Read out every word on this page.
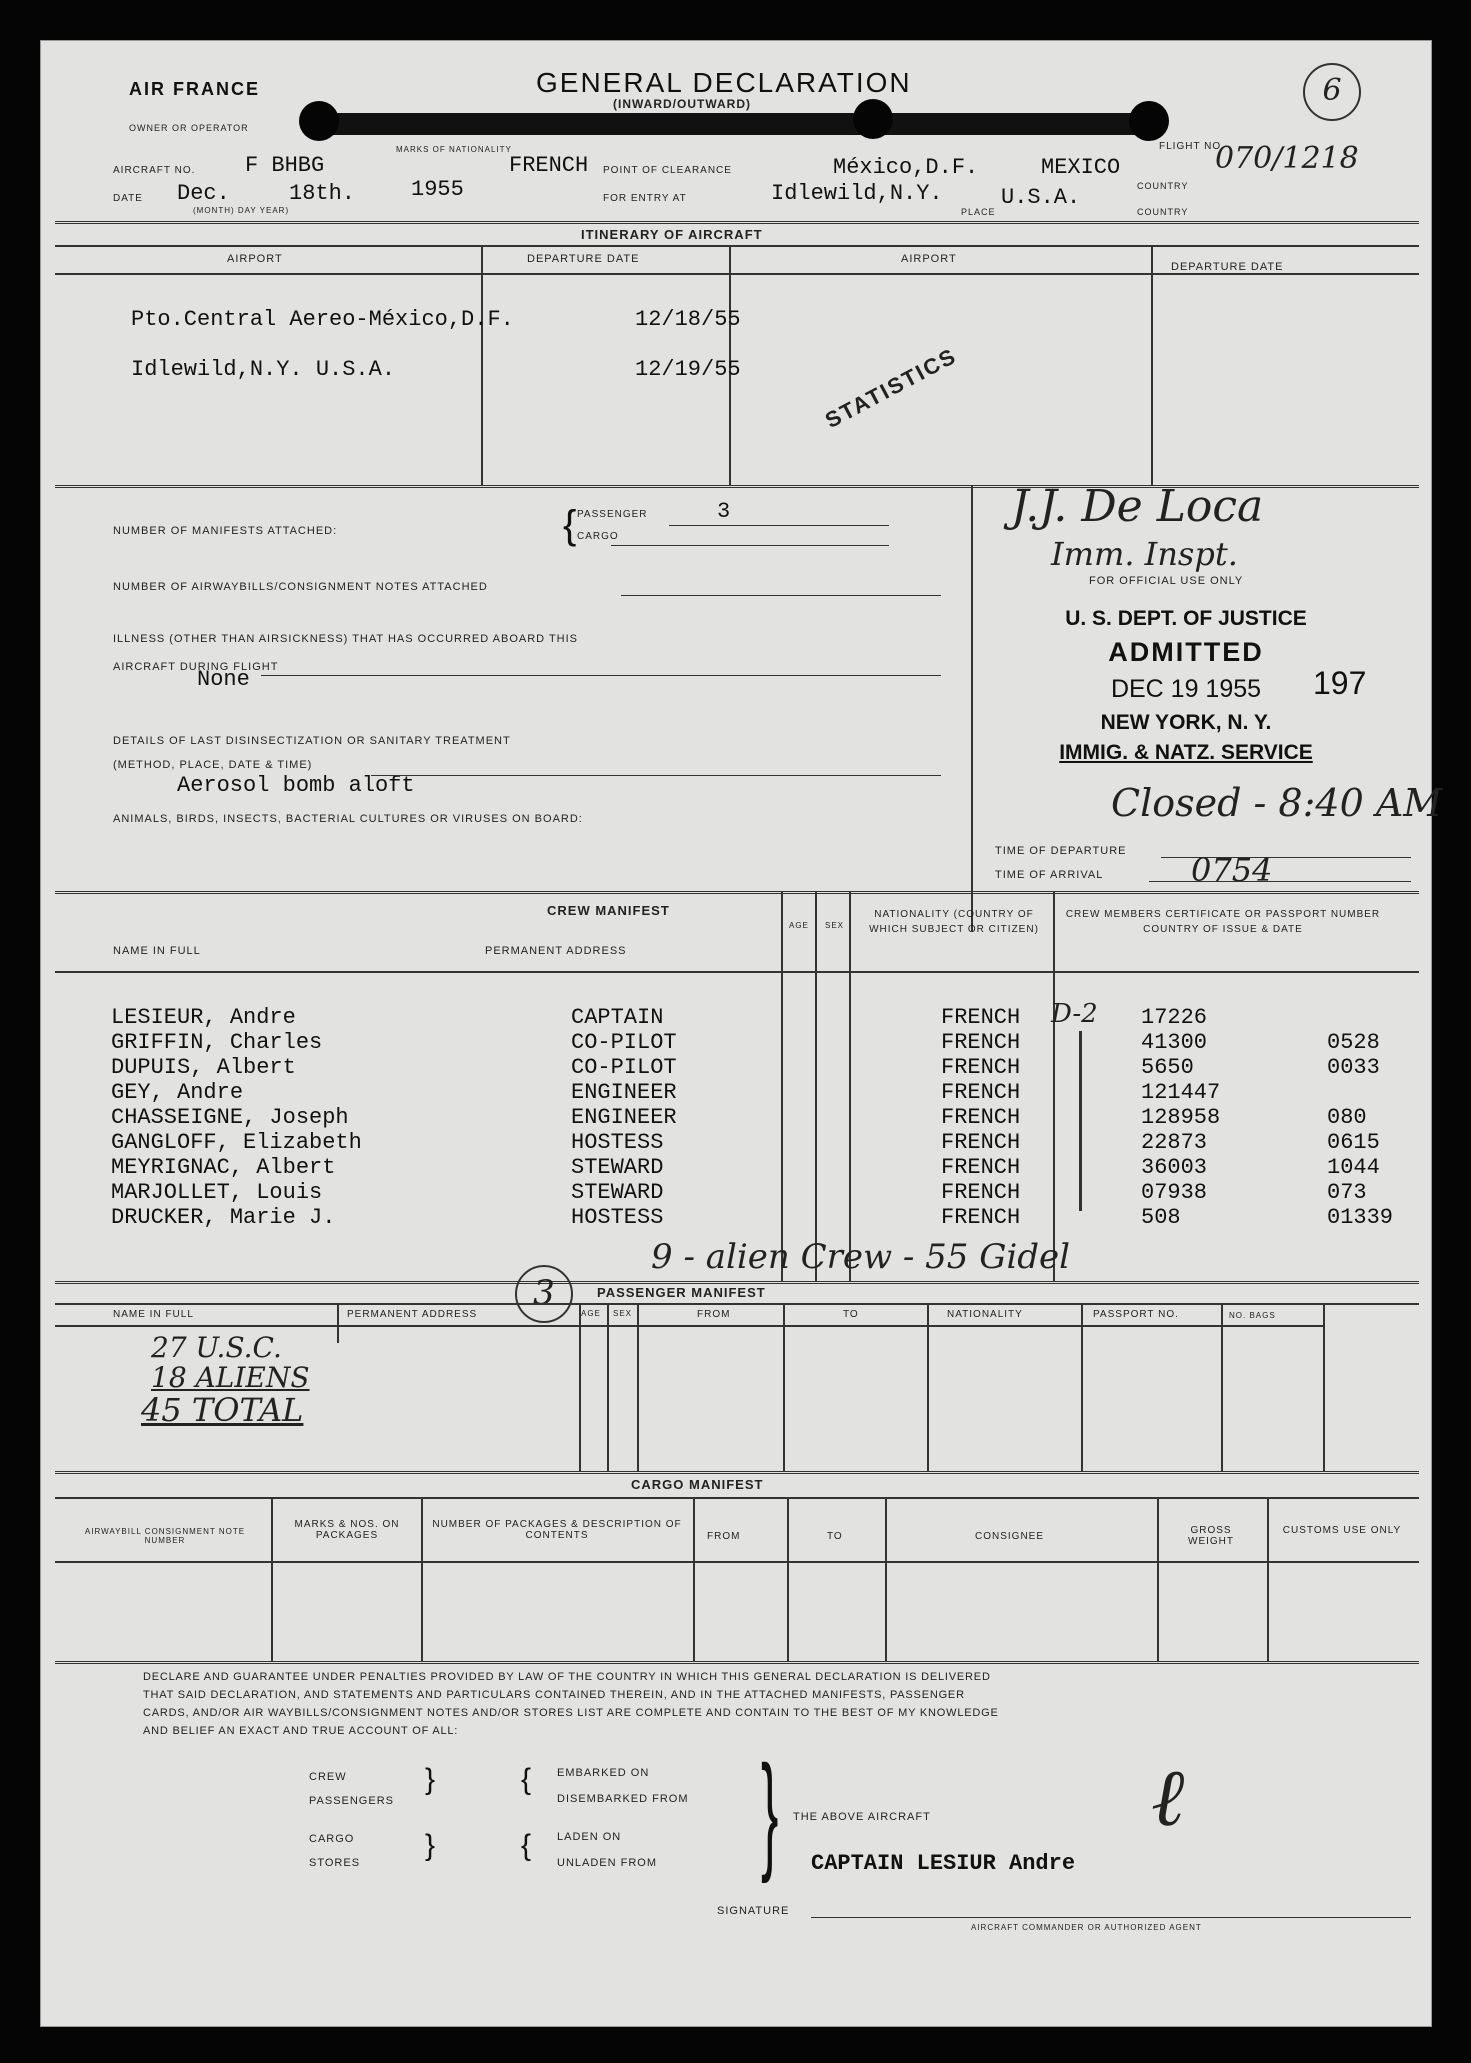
AIR FRANCE
OWNER OR OPERATOR
GENERAL DECLARATION
(INWARD/OUTWARD)	6
FLIGHT NO.
070/1218
AIRCRAFT NO. F BHBG	FRENCH
MARKS OF NATIONALITY
POINT OF CLEARANCE	México,D.F.	MEXICO
COUNTRY
DATE Dec.	18th.	1955
(MONTH) DAY YEAR)
FOR ENTRY AT	Idlewild,N.Y.	U.S.A.
PLACE	COUNTRY
ITINERARY OF AIRCRAFT
AIRPORT	DEPARTURE DATE	AIRPORT
DEPARTURE DATE
Pto.Central Aereo-México,D.F.	12/18/55
Idlewild,N.Y. U.S.A.	12/19/55	STATISTICS
NUMBER OF MANIFESTS ATTACHED:	{ PASSENGER	3
CARGO
NUMBER OF AIRWAYBILLS/CONSIGNMENT NOTES ATTACHED
ILLNESS (OTHER THAN AIRSICKNESS) THAT HAS OCCURRED ABOARD THIS
AIRCRAFT DURING FLIGHT
None
DETAILS OF LAST DISINSECTIZATION OR SANITARY TREATMENT
(METHOD, PLACE, DATE & TIME)
Aerosol bomb aloft
ANIMALS, BIRDS, INSECTS, BACTERIAL CULTURES OR VIRUSES ON BOARD:
J.J. De Loca
Imm. Inspt.
FOR OFFICIAL USE ONLY
U. S. DEPT. OF JUSTICE
ADMITTED
DEC 19 1955	197
NEW YORK, N. Y.
IMMIG. & NATZ. SERVICE
Closed - 8:40 AM
TIME OF DEPARTURE
TIME OF ARRIVAL	0754
CREW MANIFEST
NAME IN FULL	PERMANENT ADDRESS
AGE SEX
NATIONALITY (COUNTRY OF WHICH SUBJECT OR CITIZEN)
CREW MEMBERS CERTIFICATE OR PASSPORT NUMBER COUNTRY OF ISSUE & DATE
LESIEUR, Andre	CAPTAIN	FRENCH	17226
GRIFFIN, Charles	CO-PILOT	FRENCH	41300	0528
DUPUIS, Albert	CO-PILOT	FRENCH	5650	0033
GEY, Andre	ENGINEER	FRENCH	121447
CHASSEIGNE, Joseph	ENGINEER	FRENCH	128958	080
GANGLOFF, Elizabeth	HOSTESS	FRENCH	22873	0615
MEYRIGNAC, Albert	STEWARD	FRENCH	36003	1044
MARJOLLET, Louis	STEWARD	FRENCH	07938	073
DRUCKER, Marie J.	HOSTESS	FRENCH	508	01339
D-2
9 - alien Crew - 55 Gidel
PASSENGER MANIFEST
3
NAME IN FULL	PERMANENT ADDRESS	AGE SEX	FROM	TO	NATIONALITY	PASSPORT NO.	NO. BAGS
27 U.S.C.
18 ALIENS
45 TOTAL
CARGO MANIFEST
AIRWAYBILL CONSIGNMENT NOTE NUMBER
MARKS & NOS. ON PACKAGES
NUMBER OF PACKAGES & DESCRIPTION OF CONTENTS	FROM	TO	CONSIGNEE
GROSS WEIGHT
CUSTOMS USE ONLY
DECLARE AND GUARANTEE UNDER PENALTIES PROVIDED BY LAW OF THE COUNTRY IN WHICH THIS GENERAL DECLARATION IS DELIVERED
THAT SAID DECLARATION, AND STATEMENTS AND PARTICULARS CONTAINED THEREIN, AND IN THE ATTACHED MANIFESTS, PASSENGER
CARDS, AND/OR AIR WAYBILLS/CONSIGNMENT NOTES AND/OR STORES LIST ARE COMPLETE AND CONTAIN TO THE BEST OF MY KNOWLEDGE
AND BELIEF AN EXACT AND TRUE ACCOUNT OF ALL:
CREW
PASSENGERS
CARGO
STORES
}
}
{
{
EMBARKED ON
DISEMBARKED FROM
LADEN ON
UNLADEN FROM } THE ABOVE AIRCRAFT
CAPTAIN LESIUR Andre
ℓ
SIGNATURE
AIRCRAFT COMMANDER OR AUTHORIZED AGENT
